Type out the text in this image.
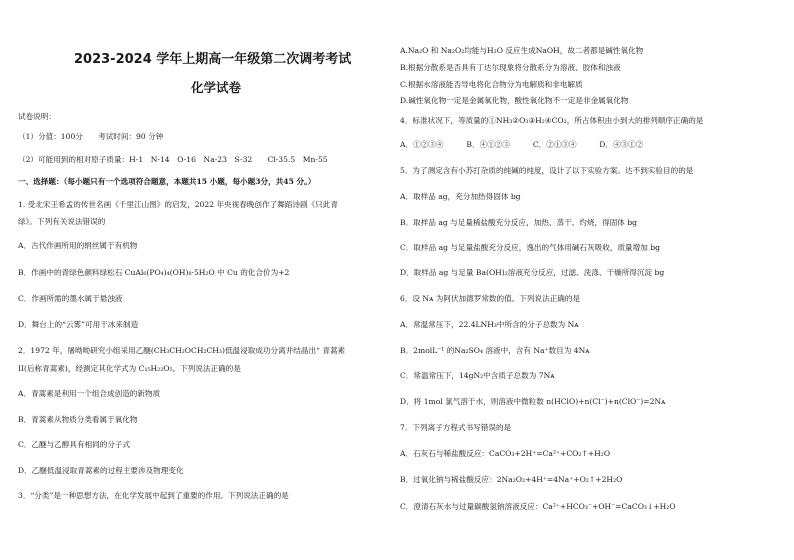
2023-2024 学年上期高一年级第二次调考考试
化学试卷
试卷说明：
（1）分值：100分　　考试时间：90 分钟
（2）可能用到的相对原子质量：H-1　N-14　O-16　Na-23　S-32　　Cl-35.5　Mn-55
一、选择题：（每小题只有一个选项符合题意，本题共15 小题，每小题3分，共45 分。）
1. 受北宋王希孟的传世名画《千里江山图》的启发，2022 年央视春晚创作了舞蹈诗剧《只此青
绿》。下列有关说法错误的
A．古代作画所用的绢丝属于有机物
B．作画中的青绿色颜料绿松石 CuAl₆(PO₄)₄(OH)₈·5H₂O 中 Cu 的化合价为+2
C．作画所需的墨水属于悬浊液
D．舞台上的“云雾”可用干冰来制造
2．1972 年，屠呦呦研究小组采用乙醚(CH₃CH₂OCH₂CH₃)低温浸取成功分离并结晶出“ 青蒿素
II(后称青蒿素)，经测定其化学式为 C₁₅H₂₂O₅。下列说法正确的是
A．青蒿素是利用一个组合成创造的新物质
B．青蒿素从物质分类看属于氧化物
C．乙醚与乙醇具有相同的分子式
D．乙醚低温浸取青蒿素的过程主要涉及物理变化
3．“分类”是一种思想方法，在化学发展中起到了重要的作用。下列说法正确的是
A.Na₂O 和 Na₂O₂均能与H₂O 反应生成NaOH，故二者都是碱性氧化物
B.根据分散系是否具有丁达尔现象将分散系分为溶液、胶体和浊液
C.根据水溶液能否导电将化合物分为电解质和非电解质
D.碱性氧化物一定是金属氧化物，酸性氧化物不一定是非金属氧化物
4．标准状况下，等质量的①NH₃②O₃③H₂④CO₂，所占体积由小到大的排列顺序正确的是
A．①②③④	B．④①②③	C．②①③④	D．④③①②
5．为了测定含有小苏打杂质的纯碱的纯度，设计了以下实验方案。达不到实验目的的是
A．取样品 ag，充分加热得固体 bg
B．取样品 ag 与足量稀盐酸充分反应，加热、蒸干、灼烧，得固体 bg
C．取样品 ag 与足量盐酸充分反应，逸出的气体用碱石灰吸收，质量增加 bg
D．取样品 ag 与足量 Ba(OH)₂溶液充分反应，过滤、洗涤、干燥所得沉淀 bg
6．设 Nᴀ 为阿伏加德罗常数的值。下列说法正确的是
A．常温常压下，22.4LNH₃中所含的分子总数为 Nᴀ
B．2molL⁻¹ 的Na₂SO₄ 溶液中，含有 Na⁺数目为 4Nᴀ
C．常温常压下，14gN₂中含质子总数为 7Nᴀ
D．将 1mol 氯气溶于水，则溶液中微粒数 n(HClO)+n(Cl⁻)+n(ClO⁻)=2Nᴀ
7．下列离子方程式书写错误的是
A．石灰石与稀盐酸反应：CaCO₃+2H⁺=Ca²⁺+CO₂↑+H₂O
B．过氧化钠与稀盐酸反应：2Na₂O₂+4H⁺=4Na⁺+O₂↑+2H₂O
C．澄清石灰水与过量碳酸氢钠溶液反应：Ca²⁺+HCO₃⁻+OH⁻=CaCO₃↓+H₂O
